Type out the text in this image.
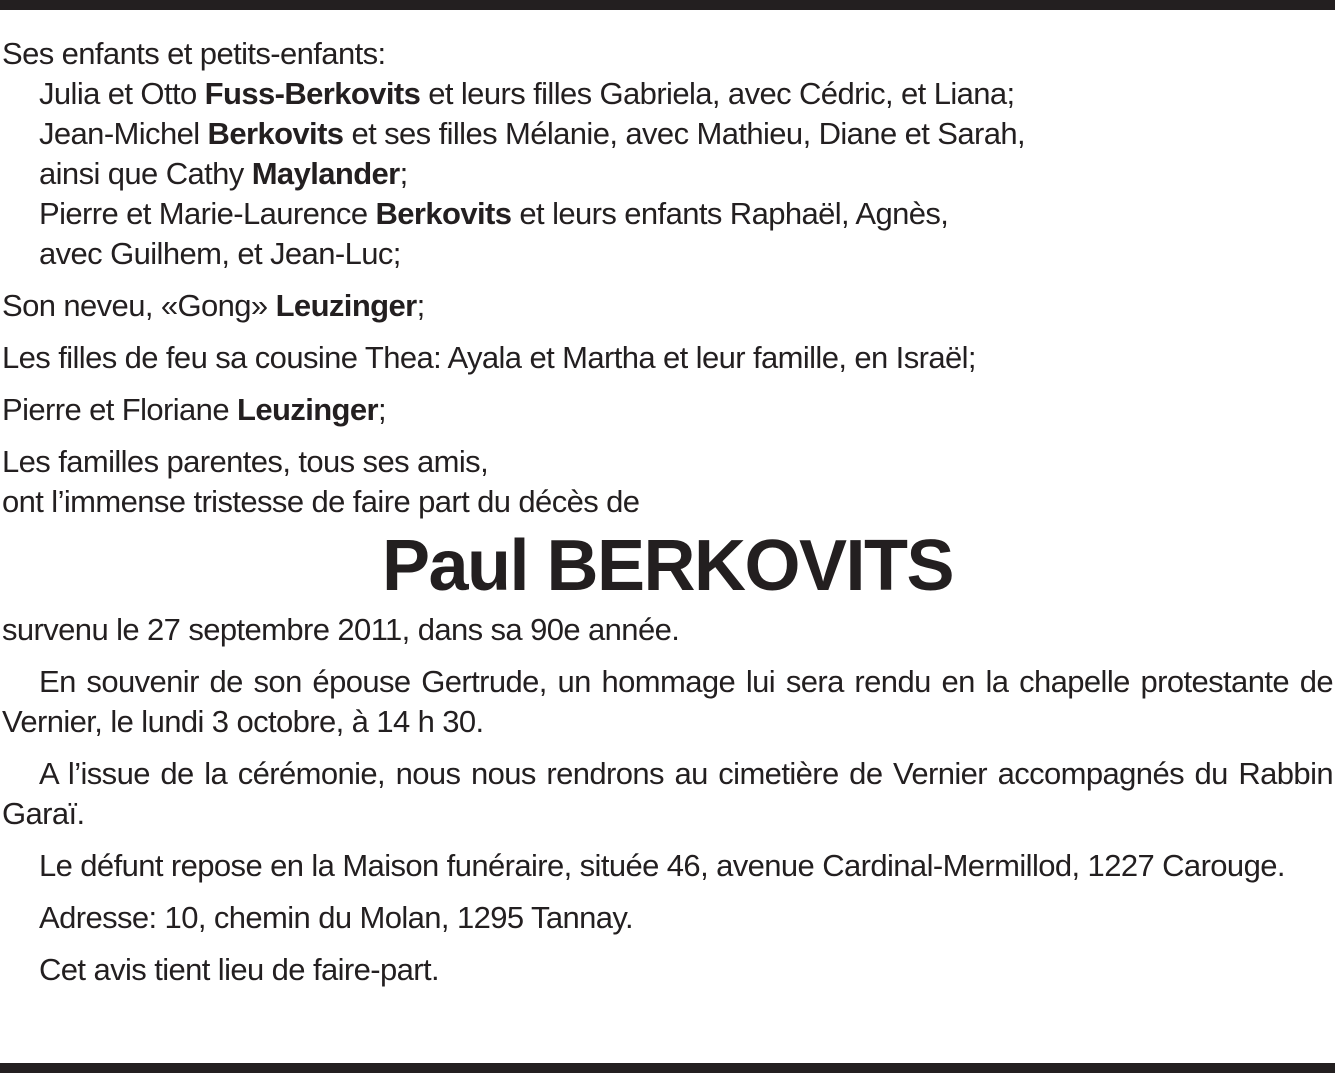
Ses enfants et petits-enfants:
Julia et Otto Fuss-Berkovits et leurs filles Gabriela, avec Cédric, et Liana;
Jean-Michel Berkovits et ses filles Mélanie, avec Mathieu, Diane et Sarah,
ainsi que Cathy Maylander;
Pierre et Marie-Laurence Berkovits et leurs enfants Raphaël, Agnès,
avec Guilhem, et Jean-Luc;
Son neveu, «Gong» Leuzinger;
Les filles de feu sa cousine Thea: Ayala et Martha et leur famille, en Israël;
Pierre et Floriane Leuzinger;
Les familles parentes, tous ses amis,
ont l’immense tristesse de faire part du décès de
Paul BERKOVITS
survenu le 27 septembre 2011, dans sa 90e année.

En souvenir de son épouse Gertrude, un hommage lui sera rendu en la chapelle protestante de Vernier, le lundi 3 octobre, à 14 h 30.

A l’issue de la cérémonie, nous nous rendrons au cimetière de Vernier accompagnés du Rabbin Garaï.

Le défunt repose en la Maison funéraire, située 46, avenue Cardinal-Mermillod, 1227 Carouge.

Adresse: 10, chemin du Molan, 1295 Tannay.

Cet avis tient lieu de faire-part.
